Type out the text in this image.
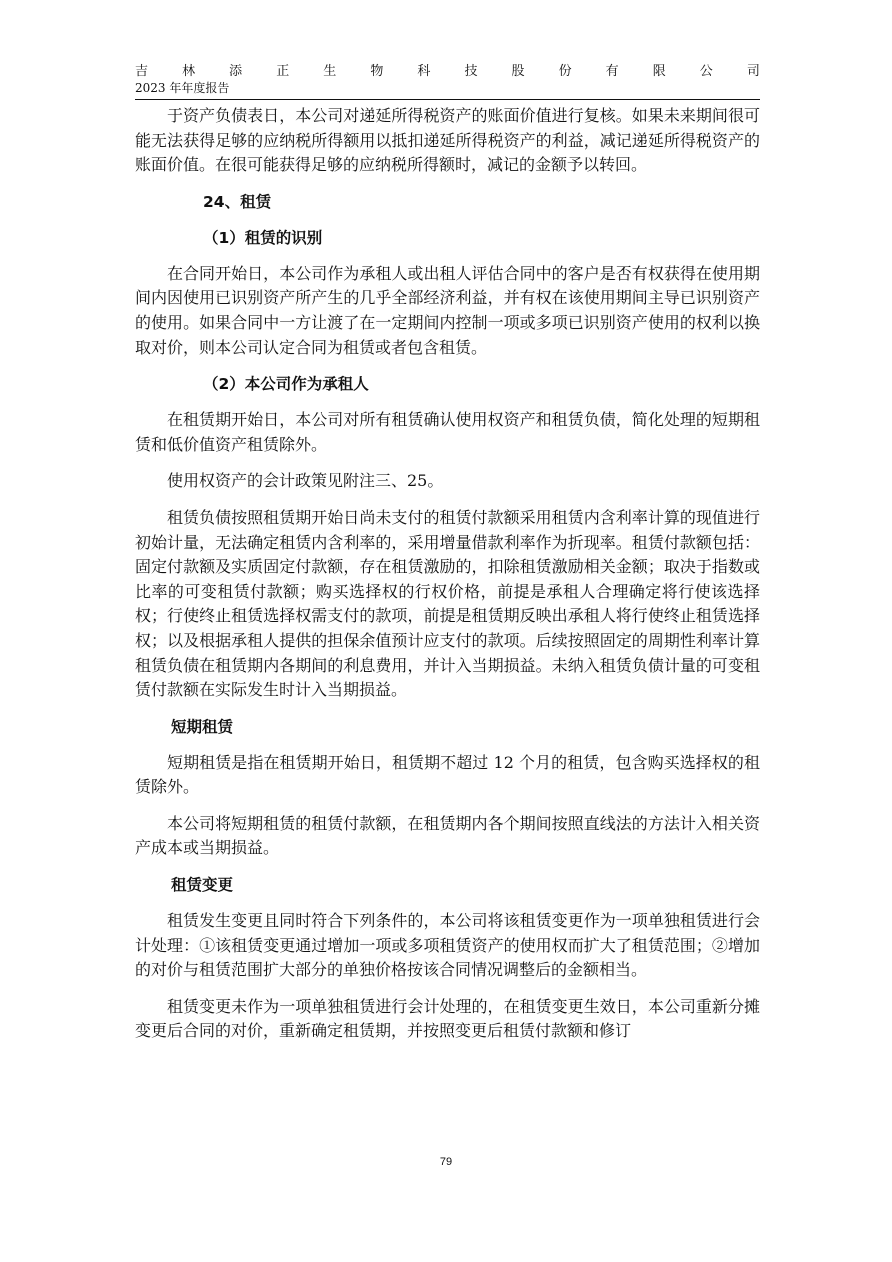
吉	林	添	正	生	物	科	技	股	份	有	限	公	司
2023 年年度报告

于资产负债表日，本公司对递延所得税资产的账面价值进行复核。如果未来期间很可能无法获得足够的应纳税所得额用以抵扣递延所得税资产的利益，减记递延所得税资产的账面价值。在很可能获得足够的应纳税所得额时，减记的金额予以转回。

24、租赁

（1）租赁的识别

在合同开始日，本公司作为承租人或出租人评估合同中的客户是否有权获得在使用期间内因使用已识别资产所产生的几乎全部经济利益，并有权在该使用期间主导已识别资产的使用。如果合同中一方让渡了在一定期间内控制一项或多项已识别资产使用的权利以换取对价，则本公司认定合同为租赁或者包含租赁。

（2）本公司作为承租人

在租赁期开始日，本公司对所有租赁确认使用权资产和租赁负债，简化处理的短期租赁和低价值资产租赁除外。

使用权资产的会计政策见附注三、25。

租赁负债按照租赁期开始日尚未支付的租赁付款额采用租赁内含利率计算的现值进行初始计量，无法确定租赁内含利率的，采用增量借款利率作为折现率。租赁付款额包括：固定付款额及实质固定付款额，存在租赁激励的，扣除租赁激励相关金额；取决于指数或比率的可变租赁付款额；购买选择权的行权价格，前提是承租人合理确定将行使该选择权；行使终止租赁选择权需支付的款项，前提是租赁期反映出承租人将行使终止租赁选择权；以及根据承租人提供的担保余值预计应支付的款项。后续按照固定的周期性利率计算租赁负债在租赁期内各期间的利息费用，并计入当期损益。未纳入租赁负债计量的可变租赁付款额在实际发生时计入当期损益。

短期租赁

短期租赁是指在租赁期开始日，租赁期不超过 12 个月的租赁，包含购买选择权的租赁除外。

本公司将短期租赁的租赁付款额，在租赁期内各个期间按照直线法的方法计入相关资产成本或当期损益。

租赁变更

租赁发生变更且同时符合下列条件的，本公司将该租赁变更作为一项单独租赁进行会计处理：①该租赁变更通过增加一项或多项租赁资产的使用权而扩大了租赁范围；②增加的对价与租赁范围扩大部分的单独价格按该合同情况调整后的金额相当。

租赁变更未作为一项单独租赁进行会计处理的，在租赁变更生效日，本公司重新分摊变更后合同的对价，重新确定租赁期，并按照变更后租赁付款额和修订

79
